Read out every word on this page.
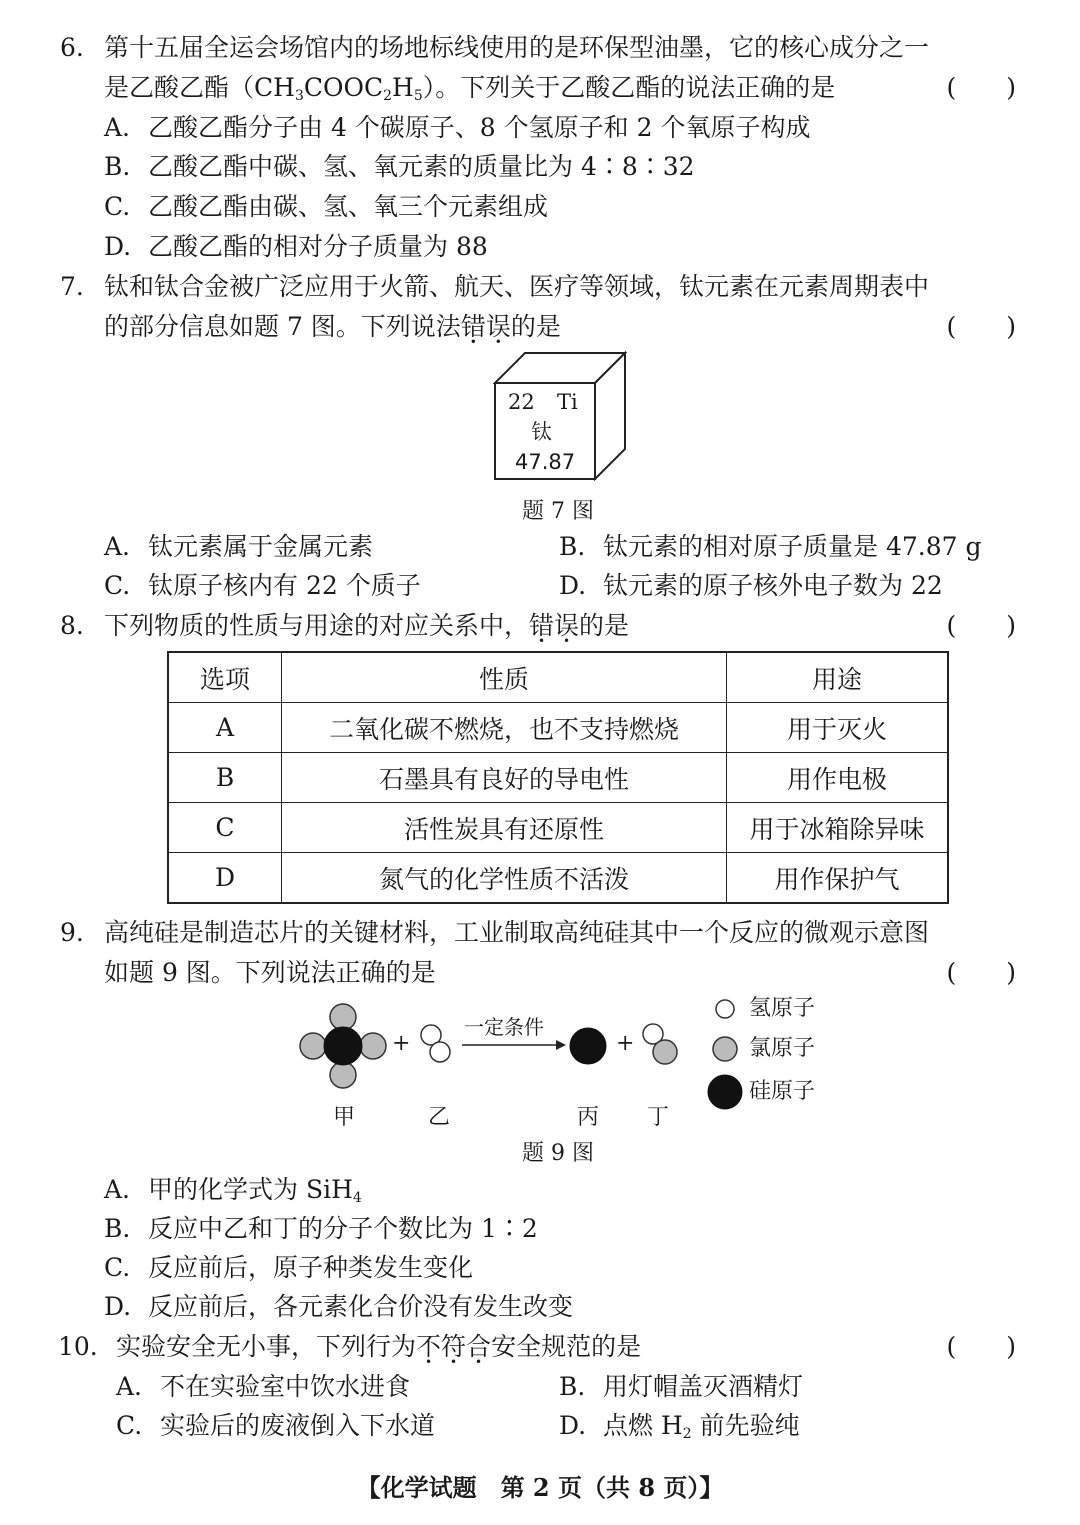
6. 第十五届全运会场馆内的场地标线使用的是环保型油墨，它的核心成分之一
是乙酸乙酯$(CH_3COOC_2H_5)$。下列关于乙酸乙酯的说法正确的是	(　　)
A. 乙酸乙酯分子由 4 个碳原子、8 个氢原子和 2 个氧原子构成
B. 乙酸乙酯中碳、氢、氧元素的质量比为 4∶8∶32
C. 乙酸乙酯由碳、氢、氧三个元素组成
D. 乙酸乙酯的相对分子质量为 88
7. 钛和钛合金被广泛应用于火箭、航天、医疗等领域，钛元素在元素周期表中
的部分信息如题 7 图。下列说法错误的是	(　　)
22 Ti
钛
47.87
题 7 图
A. 钛元素属于金属元素	B. 钛元素的相对原子质量是 47.87 g
C. 钛原子核内有 22 个质子	D. 钛元素的原子核外电子数为 22
8. 下列物质的性质与用途的对应关系中，错误的是	(　　)
选项	性质	用途
A	二氧化碳不燃烧，也不支持燃烧	用于灭火
B	石墨具有良好的导电性	用作电极
C	活性炭具有还原性	用于冰箱除异味
D	氮气的化学性质不活泼	用作保护气
9. 高纯硅是制造芯片的关键材料，工业制取高纯硅其中一个反应的微观示意图
如题 9 图。下列说法正确的是	(　　)
+	+
一定条件
甲	乙	丙 丁
氢原子
氯原子
硅原子
题 9 图
A. 甲的化学式为 SiH$_4$
B. 反应中乙和丁的分子个数比为 1∶2
C. 反应前后，原子种类发生变化
D. 反应前后，各元素化合价没有发生改变
10. 实验安全无小事，下列行为不符合安全规范的是	(　　)
A. 不在实验室中饮水进食	B. 用灯帽盖灭酒精灯
C. 实验后的废液倒入下水道	D. 点燃 $H_2$ 前先验纯
【化学试题　第 2 页（共 8 页）】
